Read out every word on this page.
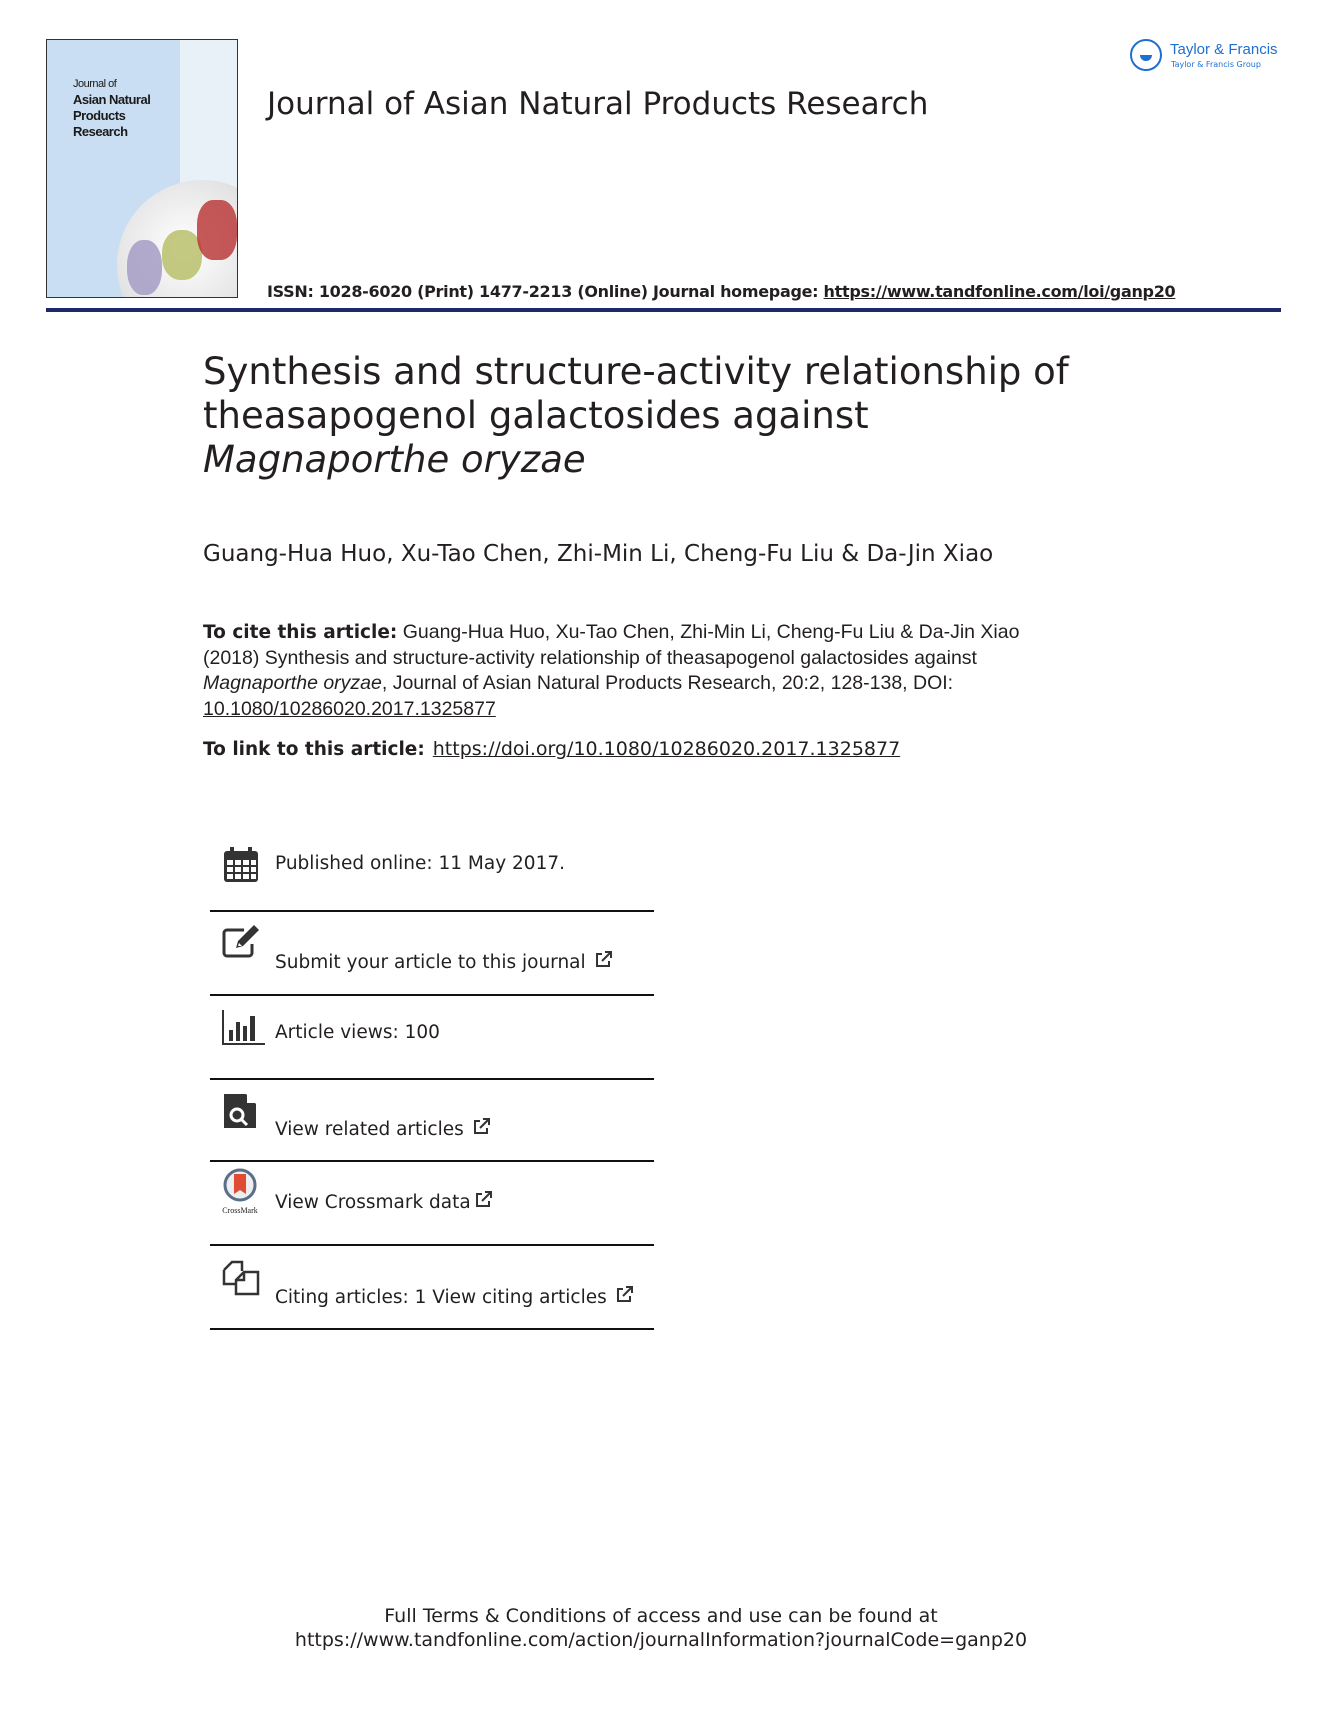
Journal of
Asian Natural
Products
Research
Journal of Asian Natural Products Research
ISSN: 1028-6020 (Print) 1477-2213 (Online) Journal homepage: https://www.tandfonline.com/loi/ganp20
Taylor & Francis
Taylor & Francis Group
Synthesis and structure-activity relationship of theasapogenol galactosides against Magnaporthe oryzae
Guang-Hua Huo, Xu-Tao Chen, Zhi-Min Li, Cheng-Fu Liu & Da-Jin Xiao
To cite this article: Guang-Hua Huo, Xu-Tao Chen, Zhi-Min Li, Cheng-Fu Liu & Da-Jin Xiao
(2018) Synthesis and structure-activity relationship of theasapogenol galactosides against
Magnaporthe oryzae, Journal of Asian Natural Products Research, 20:2, 128-138, DOI:
10.1080/10286020.2017.1325877
To link to this article: https://doi.org/10.1080/10286020.2017.1325877
Published online: 11 May 2017.
Submit your article to this journal
Article views: 100
View related articles
CrossMark View Crossmark data
Citing articles: 1 View citing articles
Full Terms & Conditions of access and use can be found at
https://www.tandfonline.com/action/journalInformation?journalCode=ganp20
